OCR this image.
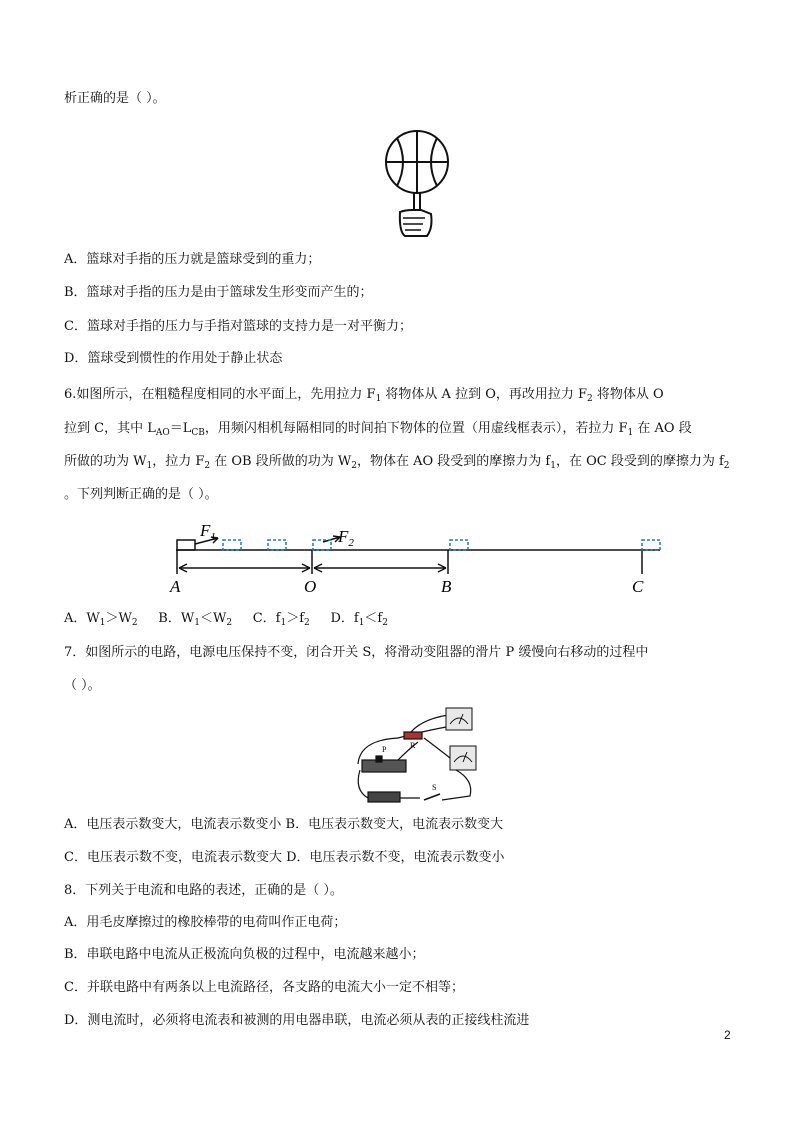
析正确的是（ ）。
A．篮球对手指的压力就是篮球受到的重力；
B．篮球对手指的压力是由于篮球发生形变而产生的；
C．篮球对手指的压力与手指对篮球的支持力是一对平衡力；
D．篮球受到惯性的作用处于静止状态
6.如图所示，在粗糙程度相同的水平面上，先用拉力 $F_1$ 将物体从 A 拉到 O，再改用拉力 $F_2$ 将物体从 O
拉到 C，其中 $L_{AO}=L_{CB}$，用频闪相机每隔相同的时间拍下物体的位置（用虚线框表示），若拉力 $F_1$ 在 AO 段
所做的功为 $W_1$，拉力 $F_2$ 在 OB 段所做的功为 $W_2$，物体在 AO 段受到的摩擦力为 $f_1$，在 OC 段受到的摩擦力为 $f_2$
。下列判断正确的是（ ）。
$F_1$	$F_2$
A	O	B	C
A．$W_1>W_2$ B．$W_1<W_2$ C．$f_1>f_2$ D．$f_1<f_2$
7．如图所示的电路，电源电压保持不变，闭合开关 S，将滑动变阻器的滑片 P 缓慢向右移动的过程中
（ ）。
P	R
S
A．电压表示数变大，电流表示数变小 B．电压表示数变大，电流表示数变大
C．电压表示数不变，电流表示数变大 D．电压表示数不变，电流表示数变小
8．下列关于电流和电路的表述，正确的是（ ）。
A．用毛皮摩擦过的橡胶棒带的电荷叫作正电荷；
B．串联电路中电流从正极流向负极的过程中，电流越来越小；
C．并联电路中有两条以上电流路径，各支路的电流大小一定不相等；
D．测电流时，必须将电流表和被测的用电器串联，电流必须从表的正接线柱流进
2
